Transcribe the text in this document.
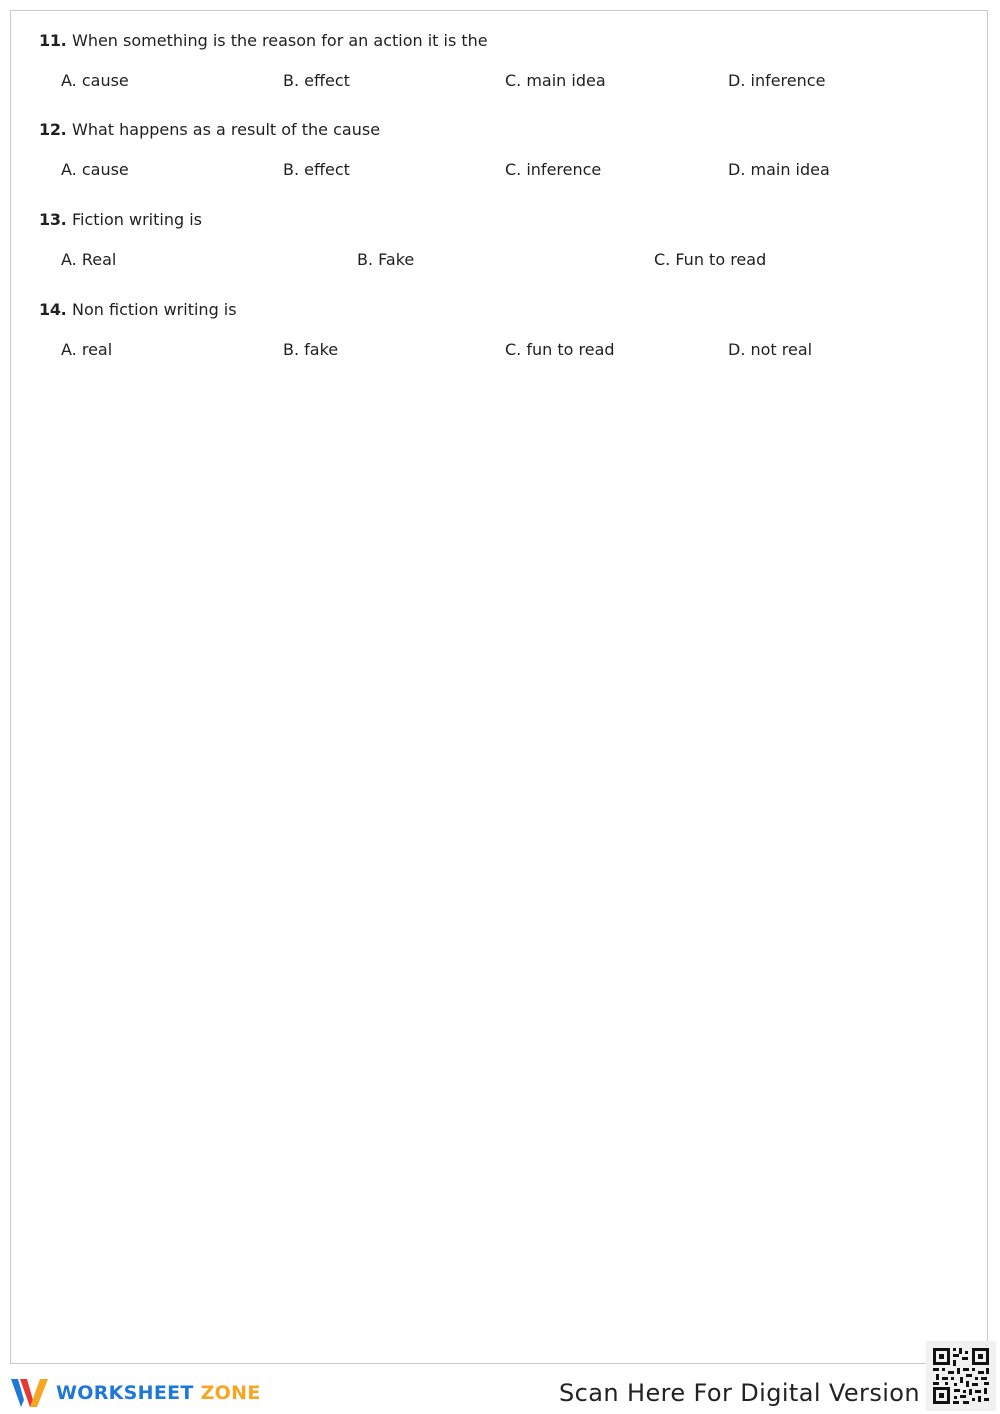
11. When something is the reason for an action it is the
A. cause	B. effect	C. main idea	D. inference
12. What happens as a result of the cause
A. cause	B. effect	C. inference	D. main idea
13. Fiction writing is
A. Real	B. Fake	C. Fun to read
14. Non fiction writing is
A. real	B. fake	C. fun to read	D. not real
WORKSHEET ZONE	Scan Here For Digital Version
